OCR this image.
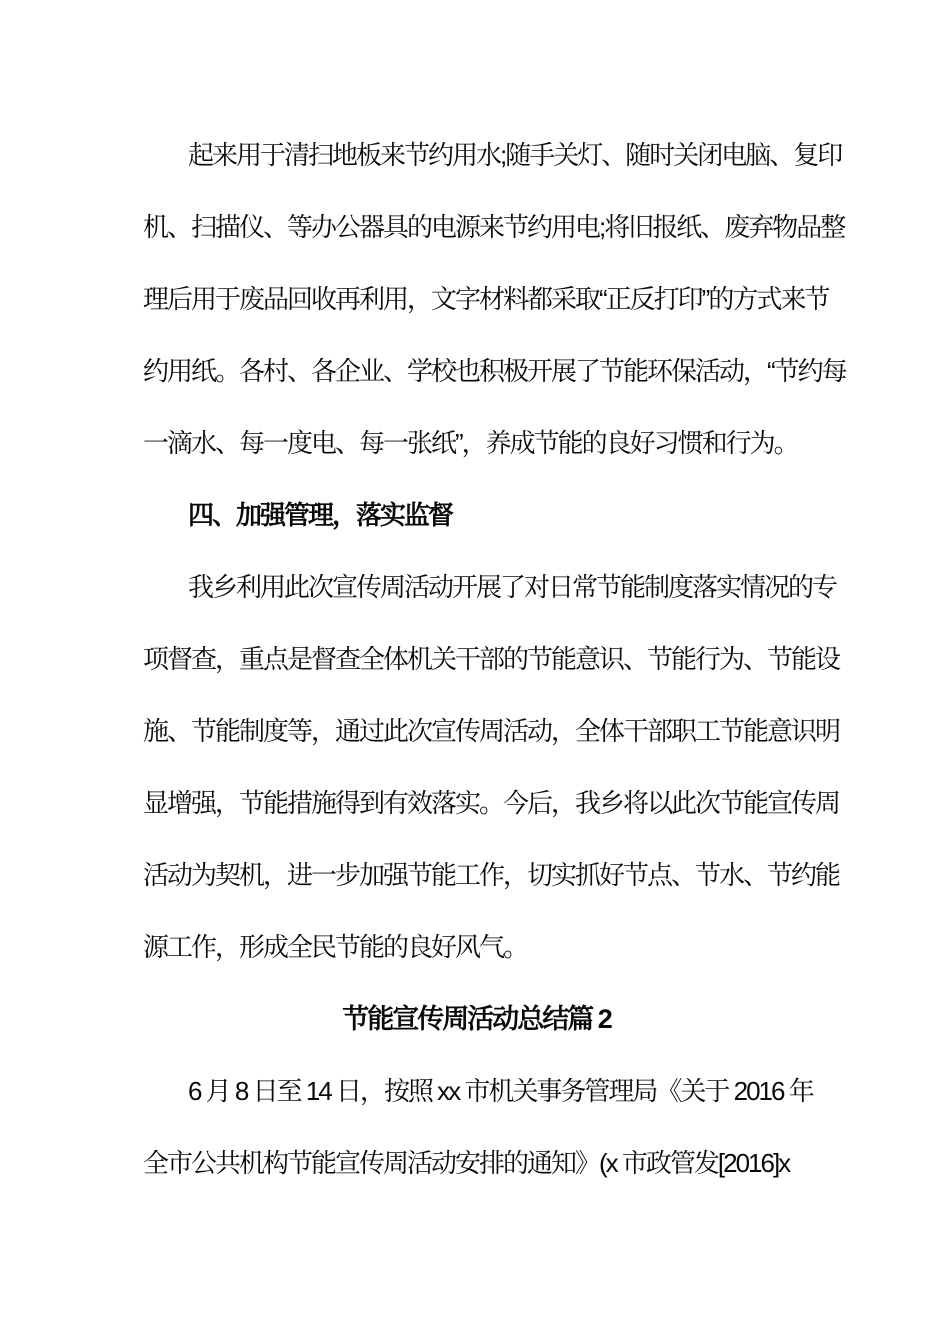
起来用于清扫地板来节约用水;随手关灯、随时关闭电脑、复印
机、扫描仪、等办公器具的电源来节约用电;将旧报纸、废弃物品整
理后用于废品回收再利用，文字材料都采取“正反打印”的方式来节
约用纸。各村、各企业、学校也积极开展了节能环保活动，“节约每
一滴水、每一度电、每一张纸”，养成节能的良好习惯和行为。
四、加强管理，落实监督
我乡利用此次宣传周活动开展了对日常节能制度落实情况的专
项督查，重点是督查全体机关干部的节能意识、节能行为、节能设
施、节能制度等，通过此次宣传周活动，全体干部职工节能意识明
显增强，节能措施得到有效落实。今后，我乡将以此次节能宣传周
活动为契机，进一步加强节能工作，切实抓好节点、节水、节约能
源工作，形成全民节能的良好风气。
节能宣传周活动总结篇 2
6 月 8 日至 14 日，按照 xx 市机关事务管理局《关于 2016 年
全市公共机构节能宣传周活动安排的通知》(x 市政管发[2016]x
